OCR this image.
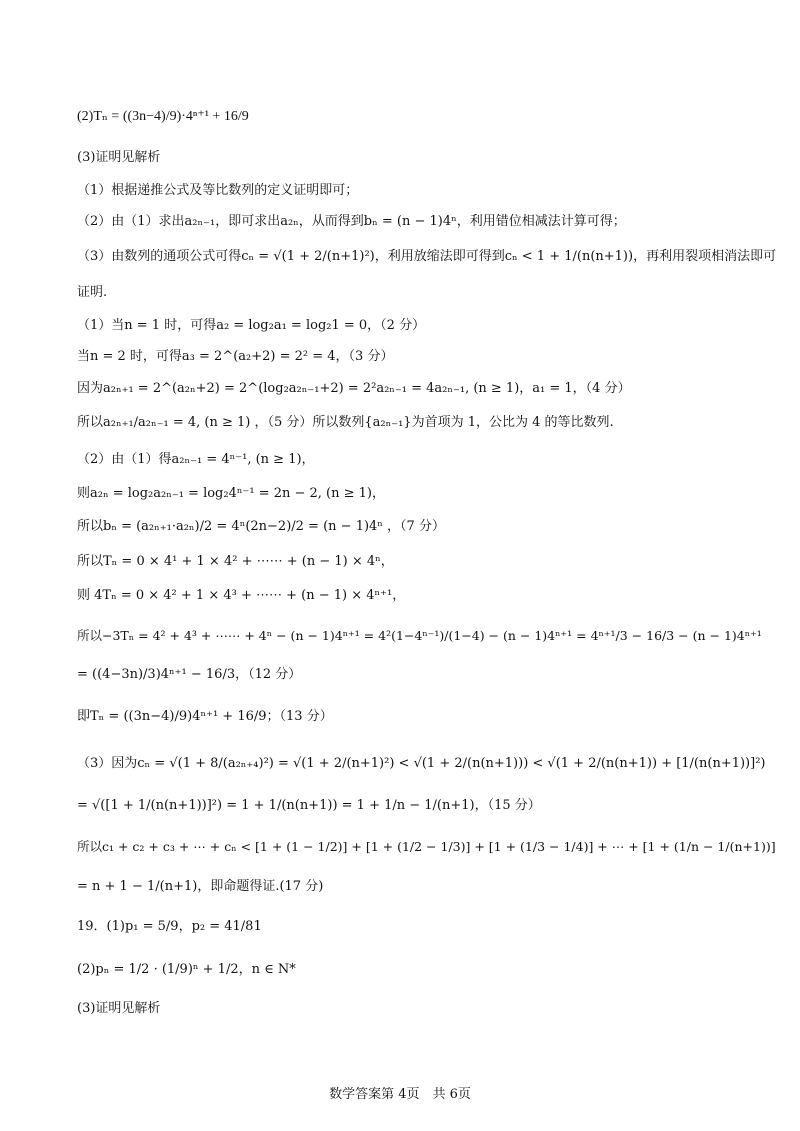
(2)Tₙ = ((3n−4)/9)·4ⁿ⁺¹ + 16/9
(3)证明见解析
（1）根据递推公式及等比数列的定义证明即可；
（2）由（1）求出a₂ₙ₋₁，即可求出a₂ₙ，从而得到bₙ = (n − 1)4ⁿ，利用错位相减法计算可得；
（3）由数列的通项公式可得cₙ = √(1 + 2/(n+1)²)，利用放缩法即可得到cₙ < 1 + 1/(n(n+1))，再利用裂项相消法即可
证明.
（1）当n = 1 时，可得a₂ = log₂a₁ = log₂1 = 0，（2 分）
当n = 2 时，可得a₃ = 2^(a₂+2) = 2² = 4，（3 分）
因为a₂ₙ₊₁ = 2^(a₂ₙ+2) = 2^(log₂a₂ₙ₋₁+2) = 2²a₂ₙ₋₁ = 4a₂ₙ₋₁, (n ≥ 1)，a₁ = 1，（4 分）
所以a₂ₙ₊₁/a₂ₙ₋₁ = 4, (n ≥ 1) ，（5 分）所以数列{a₂ₙ₋₁}为首项为 1，公比为 4 的等比数列.
（2）由（1）得a₂ₙ₋₁ = 4ⁿ⁻¹, (n ≥ 1)，
则a₂ₙ = log₂a₂ₙ₋₁ = log₂4ⁿ⁻¹ = 2n − 2, (n ≥ 1)，
所以bₙ = (a₂ₙ₊₁·a₂ₙ)/2 = 4ⁿ(2n−2)/2 = (n − 1)4ⁿ ，（7 分）
所以Tₙ = 0 × 4¹ + 1 × 4² + ⋯⋯ + (n − 1) × 4ⁿ，
则 4Tₙ = 0 × 4² + 1 × 4³ + ⋯⋯ + (n − 1) × 4ⁿ⁺¹，
所以−3Tₙ = 4² + 4³ + ⋯⋯ + 4ⁿ − (n − 1)4ⁿ⁺¹ = 4²(1−4ⁿ⁻¹)/(1−4) − (n − 1)4ⁿ⁺¹ = 4ⁿ⁺¹/3 − 16/3 − (n − 1)4ⁿ⁺¹
= ((4−3n)/3)4ⁿ⁺¹ − 16/3，（12 分）
即Tₙ = ((3n−4)/9)4ⁿ⁺¹ + 16/9；（13 分）
（3）因为cₙ = √(1 + 8/(a₂ₙ₊₄)²) = √(1 + 2/(n+1)²) < √(1 + 2/(n(n+1))) < √(1 + 2/(n(n+1)) + [1/(n(n+1))]²)
= √([1 + 1/(n(n+1))]²) = 1 + 1/(n(n+1)) = 1 + 1/n − 1/(n+1)，（15 分）
所以c₁ + c₂ + c₃ + ⋯ + cₙ < [1 + (1 − 1/2)] + [1 + (1/2 − 1/3)] + [1 + (1/3 − 1/4)] + ⋯ + [1 + (1/n − 1/(n+1))]
= n + 1 − 1/(n+1)，即命题得证.(17 分)
19．(1)p₁ = 5/9，p₂ = 41/81
(2)pₙ = 1/2 · (1/9)ⁿ + 1/2，n ∈ N*
(3)证明见解析
数学答案第 4页　共 6页
